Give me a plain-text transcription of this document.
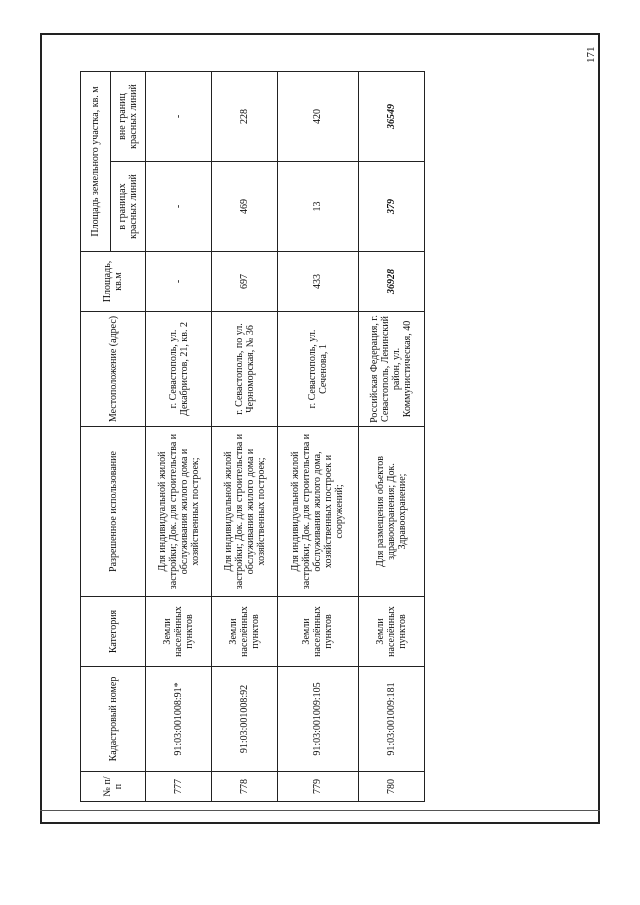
171
№ п/п	Кадастровый номер	Категория	Разрешенное использование	Местоположение (адрес)	Площадь, кв.м	Площадь земельного участка, кв. м	
						в границах красных линий	вне границ красных линий
777	91:03:001008:91*	Земли населённых пунктов	Для индивидуальной жилой застройки; Док. для строительства и обслуживания жилого дома и хозяйственных построек;	г. Севастополь, ул. Декабристов, 21, кв. 2	-	-	-
778	91:03:001008:92	Земли населённых пунктов	Для индивидуальной жилой застройки; Док. для строительства и обслуживания жилого дома и хозяйственных построек;	г. Севастополь, по ул. Черноморская, № 36	697	469	228
779	91:03:001009:105	Земли населённых пунктов	Для индивидуальной жилой застройки; Док. для строительства и обслуживания жилого дома, хозяйственных построек и сооружений;	г. Севастополь, ул. Сеченова, 1	433	13	420
780	91:03:001009:181	Земли населённых пунктов	Для размещения объектов здравоохранения; Док. Здравоохранение;	Российская Федерация, г. Севастополь, Ленинский район, ул. Коммунистическая, 40	36928	379	36549
